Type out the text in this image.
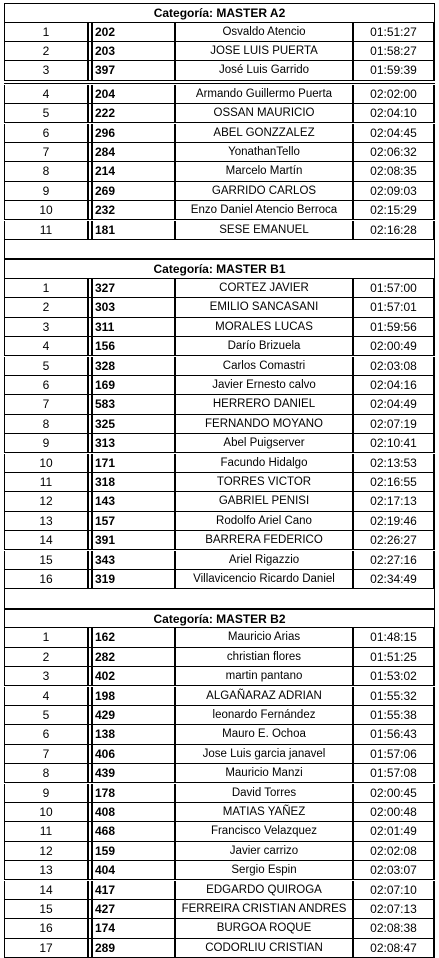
Categoría: MASTER A2
1	202	Osvaldo Atencio	01:51:27
2	203	JOSE LUIS PUERTA	01:58:27
3	397	José Luis Garrido	01:59:39
4	204	Armando Guillermo Puerta	02:02:00
5	222	OSSAN MAURICIO	02:04:10
6	296	ABEL GONZZALEZ	02:04:45
7	284	YonathanTello	02:06:32
8	214	Marcelo Martín	02:08:35
9	269	GARRIDO CARLOS	02:09:03
10	232	Enzo Daniel Atencio Berroca	02:15:29
11	181	SESE EMANUEL	02:16:28
Categoría: MASTER B1
1	327	CORTEZ JAVIER	01:57:00
2	303	EMILIO SANCASANI	01:57:01
3	311	MORALES LUCAS	01:59:56
4	156	Darío Brizuela	02:00:49
5	328	Carlos Comastri	02:03:08
6	169	Javier Ernesto calvo	02:04:16
7	583	HERRERO DANIEL	02:04:49
8	325	FERNANDO MOYANO	02:07:19
9	313	Abel Puigserver	02:10:41
10	171	Facundo Hidalgo	02:13:53
11	318	TORRES VICTOR	02:16:55
12	143	GABRIEL PENISI	02:17:13
13	157	Rodolfo Ariel Cano	02:19:46
14	391	BARRERA FEDERICO	02:26:27
15	343	Ariel Rigazzio	02:27:16
16	319	Villavicencio Ricardo Daniel	02:34:49
Categoría: MASTER B2
1	162	Mauricio Arias	01:48:15
2	282	christian flores	01:51:25
3	402	martin pantano	01:53:02
4	198	ALGAÑARAZ ADRIAN	01:55:32
5	429	leonardo Fernández	01:55:38
6	138	Mauro E. Ochoa	01:56:43
7	406	Jose Luis garcia janavel	01:57:06
8	439	Mauricio Manzi	01:57:08
9	178	David Torres	02:00:45
10	408	MATIAS YAÑEZ	02:00:48
11	468	Francisco Velazquez	02:01:49
12	159	Javier carrizo	02:02:08
13	404	Sergio Espin	02:03:07
14	417	EDGARDO QUIROGA	02:07:10
15	427	FERREIRA CRISTIAN ANDRES	02:07:13
16	174	BURGOA ROQUE	02:08:38
17	289	CODORLIU CRISTIAN	02:08:47
